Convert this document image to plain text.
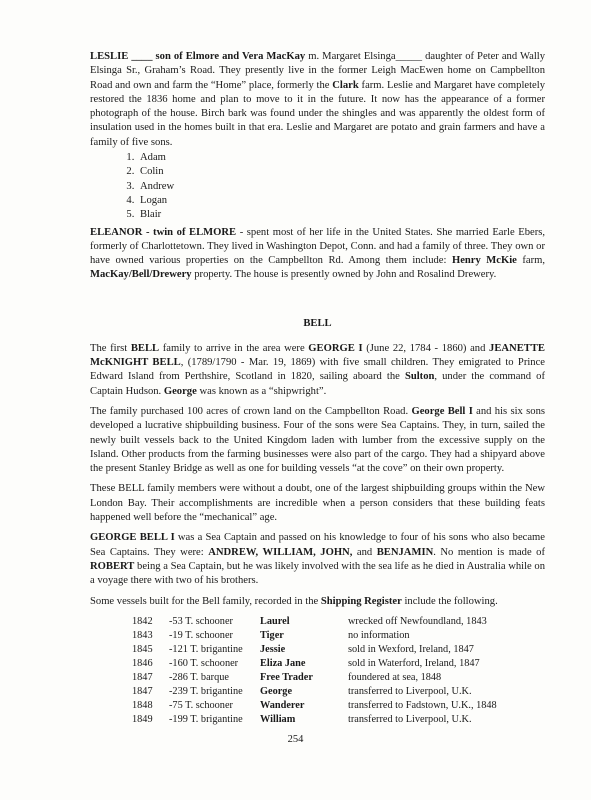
LESLIE ____ son of Elmore and Vera MacKay m. Margaret Elsinga_____ daughter of Peter and Wally Elsinga Sr., Graham’s Road. They presently live in the former Leigh MacEwen home on Campbellton Road and own and farm the “Home” place, formerly the Clark farm. Leslie and Margaret have completely restored the 1836 home and plan to move to it in the future. It now has the appearance of a former photograph of the house. Birch bark was found under the shingles and was apparently the oldest form of insulation used in the homes built in that era. Leslie and Margaret are potato and grain farmers and have a family of five sons.

1. Adam
2. Colin
3. Andrew
4. Logan
5. Blair

ELEANOR - twin of ELMORE - spent most of her life in the United States. She married Earle Ebers, formerly of Charlottetown. They lived in Washington Depot, Conn. and had a family of three. They own or have owned various properties on the Campbellton Rd. Among them include: Henry McKie farm, MacKay/Bell/Drewery property. The house is presently owned by John and Rosalind Drewery.

BELL

The first BELL family to arrive in the area were GEORGE I (June 22, 1784 - 1860) and JEANETTE McKNIGHT BELL, (1789/1790 - Mar. 19, 1869) with five small children. They emigrated to Prince Edward Island from Perthshire, Scotland in 1820, sailing aboard the Sulton, under the command of Captain Hudson. George was known as a “shipwright”.

The family purchased 100 acres of crown land on the Campbellton Road. George Bell I and his six sons developed a lucrative shipbuilding business. Four of the sons were Sea Captains. They, in turn, sailed the newly built vessels back to the United Kingdom laden with lumber from the excessive supply on the Island. Other products from the farming businesses were also part of the cargo. They had a shipyard above the present Stanley Bridge as well as one for building vessels “at the cove” on their own property.

These BELL family members were without a doubt, one of the largest shipbuilding groups within the New London Bay. Their accomplishments are incredible when a person considers that these building feats happened well before the “mechanical” age.

GEORGE BELL I was a Sea Captain and passed on his knowledge to four of his sons who also became Sea Captains. They were: ANDREW, WILLIAM, JOHN, and BENJAMIN. No mention is made of ROBERT being a Sea Captain, but he was likely involved with the sea life as he died in Australia while on a voyage there with two of his brothers.

Some vessels built for the Bell family, recorded in the Shipping Register include the following.

1842	-53 T. schooner	Laurel	wrecked off Newfoundland, 1843
1843	-19 T. schooner	Tiger	no information
1845	-121 T. brigantine	Jessie	sold in Wexford, Ireland, 1847
1846	-160 T. schooner	Eliza Jane	sold in Waterford, Ireland, 1847
1847	-286 T. barque	Free Trader	foundered at sea, 1848
1847	-239 T. brigantine	George	transferred to Liverpool, U.K.
1848	-75 T. schooner	Wanderer	transferred to Fadstown, U.K., 1848
1849	-199 T. brigantine	William	transferred to Liverpool, U.K.
254
